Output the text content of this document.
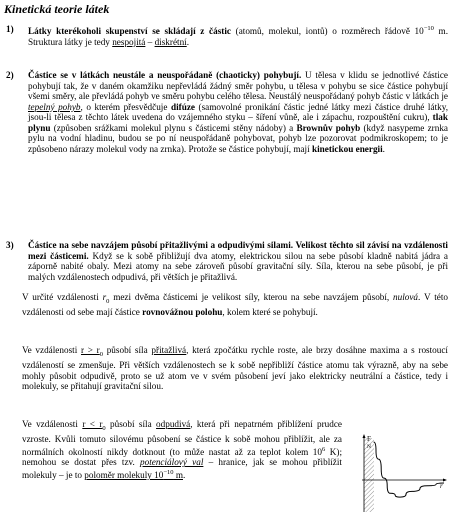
Kinetická teorie látek
1) Látky kterékoholi skupenství se skládají z částic (atomů, molekul, iontů) o rozměrech řádově $10^{-10}$ m. Struktura látky je tedy nespojitá – diskrétní.
2) Částice se v látkách neustále a neuspořádaně (chaoticky) pohybují. U tělesa v klidu se jednotlivé částice pohybují tak, že v daném okamžiku nepřevládá žádný směr pohybu, u tělesa v pohybu se sice částice pohybují všemi směry, ale převládá pohyb ve směru pohybu celého tělesa. Neustálý neuspořádaný pohyb částic v látkách je tepelný pohyb, o kterém přesvědčuje difúze (samovolné pronikání částic jedné látky mezi částice druhé látky, jsou-li tělesa z těchto látek uvedena do vzájemného styku – šíření vůně, ale i zápachu, rozpouštění cukru), tlak plynu (způsoben srážkami molekul plynu s částicemi stěny nádoby) a Brownův pohyb (když nasypeme zrnka pylu na vodní hladinu, budou se po ní neuspořádaně pohybovat, pohyb lze pozorovat podmikroskopem; to je způsobeno nárazy molekul vody na zrnka). Protože se částice pohybují, mají kinetickou energii.
3) Částice na sebe navzájem působí přitažlivými a odpudivými silami. Velikost těchto sil závisí na vzdálenosti mezi částicemi. Když se k sobě přibližují dva atomy, elektrickou silou na sebe působí kladně nabitá jádra a záporně nabité obaly. Mezi atomy na sebe zároveň působí gravitační síly. Síla, kterou na sebe působí, je při malých vzdálenostech odpudivá, při větších je přitažlivá.
V určité vzdálenosti $r_0$ mezi dvěma částicemi je velikost síly, kterou na sebe navzájem působí, nulová. V této vzdálenosti od sebe mají částice rovnovážnou polohu, kolem které se pohybují.
Ve vzdálenosti $r > r_0$ působí síla přitažlivá, která zpočátku rychle roste, ale brzy dosáhne maxima a s rostoucí vzdáleností se zmenšuje. Při větších vzdálenostech se k sobě nepřibliží částice atomu tak výrazně, aby na sebe mohly působit odpudivě, proto se už atom ve v svém působení jeví jako elektricky neutrální a částice, tedy i molekuly, se přitahují gravitační silou.
Ve vzdálenosti $r < r_0$ působí síla odpudivá, která při nepatrném přiblížení prudce vzroste. Kvůli tomuto silovému působení se částice k sobě mohou přiblížit, ale za normálních okolností nikdy dotknout (to může nastat až za teplot kolem $10^6$ K); nemohou se dostat přes tzv. potenciálový val – hranice, jak se mohou přiblížit molekuly – je to poloměr molekuly $10^{-10}$ m.
F
N
r
